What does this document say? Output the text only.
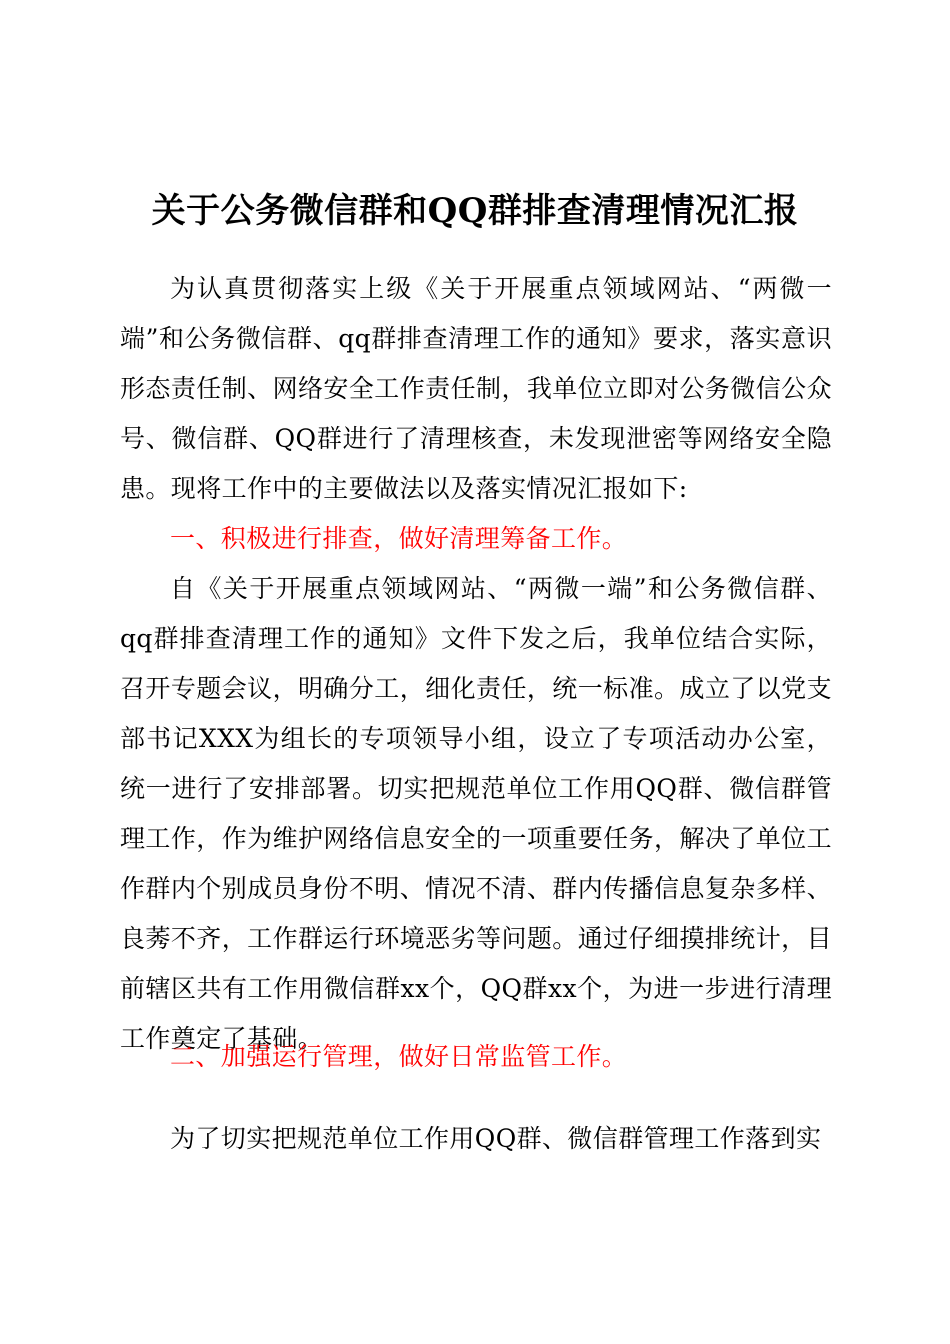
关于公务微信群和QQ群排查清理情况汇报

为认真贯彻落实上级《关于开展重点领域网站、“两微一端”和公务微信群、qq群排查清理工作的通知》要求，落实意识形态责任制、网络安全工作责任制，我单位立即对公务微信公众号、微信群、QQ群进行了清理核查，未发现泄密等网络安全隐患。现将工作中的主要做法以及落实情况汇报如下:

一、积极进行排查，做好清理筹备工作。

自《关于开展重点领域网站、“两微一端”和公务微信群、qq群排查清理工作的通知》文件下发之后，我单位结合实际，召开专题会议，明确分工，细化责任，统一标准。成立了以党支部书记XXX为组长的专项领导小组，设立了专项活动办公室，统一进行了安排部署。切实把规范单位工作用QQ群、微信群管理工作，作为维护网络信息安全的一项重要任务，解决了单位工作群内个别成员身份不明、情况不清、群内传播信息复杂多样、良莠不齐，工作群运行环境恶劣等问题。通过仔细摸排统计，目前辖区共有工作用微信群xx个，QQ群xx个，为进一步进行清理工作奠定了基础。

二、加强运行管理，做好日常监管工作。

为了切实把规范单位工作用QQ群、微信群管理工作落到实
